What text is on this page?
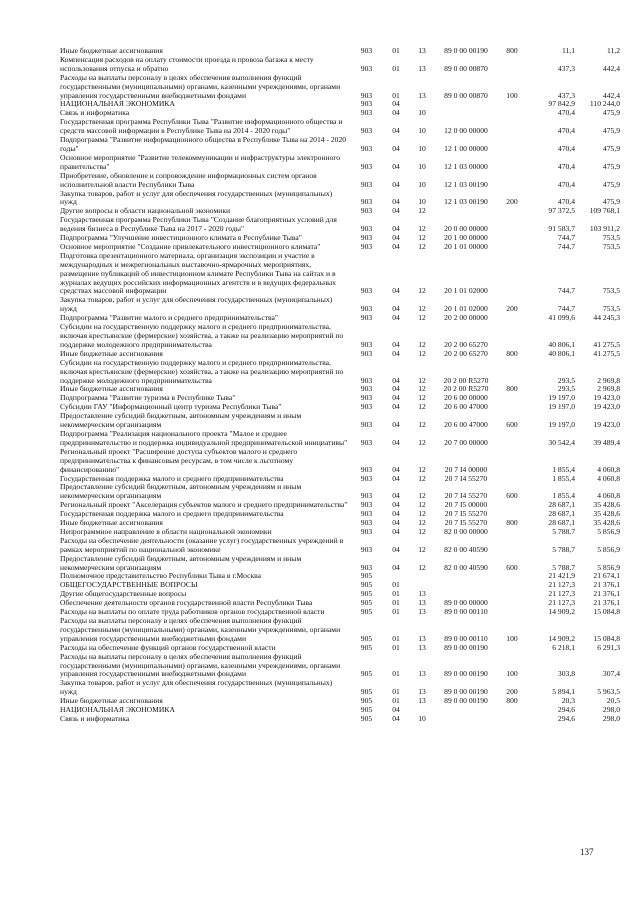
Иные бюджетные ассигнования	903	01	13	89 0 00 00190	800	11,1	11,2
Компенсация расходов на оплату стоимости проезда и провоза багажа к месту использования отпуска и обратно	903	01	13	89 0 00 00870		437,3	442,4
Расходы на выплаты персоналу в целях обеспечения выполнения функций государственными (муниципальными) органами, казенными учреждениями, органами управления государственными внебюджетными фондами	903	01	13	89 0 00 00870	100	437,3	442,4
НАЦИОНАЛЬНАЯ ЭКОНОМИКА	903	04				97 842,9	110 244,0
Связь и информатика	903	04	10			470,4	475,9
Государственная программа Республики Тыва "Развитие информационного общества и средств массовой информации в Республике Тыва на 2014 - 2020 годы"	903	04	10	12 0 00 00000		470,4	475,9
Подпрограмма "Развитие информационного общества в Республике Тыва на 2014 - 2020 годы"	903	04	10	12 1 00 00000		470,4	475,9
Основное мероприятие "Развитие телекоммуникации и инфраструктуры электронного правительства"	903	04	10	12 1 03 00000		470,4	475,9
Приобретение, обновление и сопровождение информационных систем органов исполнительной власти Республики Тыва	903	04	10	12 1 03 00190		470,4	475,9
Закупка товаров, работ и услуг для обеспечения государственных (муниципальных) нужд	903	04	10	12 1 03 00190	200	470,4	475,9
Другие вопросы в области национальной экономики	903	04	12			97 372,5	109 768,1
Государственная программа Республики Тыва "Создание благоприятных условий для ведения бизнеса в Республике Тыва на 2017 - 2020 годы"	903	04	12	20 0 00 00000		91 583,7	103 911,2
Подпрограмма "Улучшение инвестиционного климата в Республике Тыва"	903	04	12	20 1 00 00000		744,7	753,5
Основное мероприятие "Создание привлекательного инвестиционного климата"	903	04	12	20 1 01 00000		744,7	753,5
Подготовка презентационного материала, организация экспозиции и участие в международных и межрегиональных выставочно-ярмарочных мероприятиях, размещение публикаций об инвестиционном климате Республики Тыва на сайтах и в журналах ведущих российских информационных агентств и в ведущих федеральных средствах массовой информации	903	04	12	20 1 01 02000		744,7	753,5
Закупка товаров, работ и услуг для обеспечения государственных (муниципальных) нужд	903	04	12	20 1 01 02000	200	744,7	753,5
Подпрограмма "Развитие малого и среднего предпринимательства"	903	04	12	20 2 00 00000		41 099,6	44 245,3
Субсидии на государственную поддержку малого и среднего предпринимательства, включая крестьянские (фермерские) хозяйства, а также на реализацию мероприятий по поддержке молодежного предпринимательства	903	04	12	20 2 00 65270		40 806,1	41 275,5
Иные бюджетные ассигнования	903	04	12	20 2 00 65270	800	40 806,1	41 275,5
Субсидии на государственную поддержку малого и среднего предпринимательства, включая крестьянские (фермерские) хозяйства, а также на реализацию мероприятий по поддержке молодежного предпринимательства	903	04	12	20 2 00 R5270		293,5	2 969,8
Иные бюджетные ассигнования	903	04	12	20 2 00 R5270	800	293,5	2 969,8
Подпрограмма "Развитие туризма в Республике Тыва"	903	04	12	20 6 00 00000		19 197,0	19 423,0
Субсидии ГАУ "Информационный центр туризма Республики Тыва"	903	04	12	20 6 00 47000		19 197,0	19 423,0
Предоставление субсидий бюджетным, автономным учреждениям и иным некоммерческим организациям	903	04	12	20 6 00 47000	600	19 197,0	19 423,0
Подпрограмма "Реализация национального проекта "Малое и среднее предпринимательство и поддержка индивидуальной предпринимательской инициативы"	903	04	12	20 7 00 00000		30 542,4	39 489,4
Региональный проект "Расширение доступа субъектов малого и среднего предпринимательства к финансовым ресурсам, в том числе к льготному финансированию"	903	04	12	20 7 I4 00000		1 855,4	4 060,8
Государственная поддержка малого и среднего предпринимательства	903	04	12	20 7 I4 55270		1 855,4	4 060,8
Предоставление субсидий бюджетным, автономным учреждениям и иным некоммерческим организациям	903	04	12	20 7 I4 55270	600	1 855,4	4 060,8
Региональный проект "Акселерация субъектов малого и среднего предпринимательства"	903	04	12	20 7 I5 00000		28 687,1	35 428,6
Государственная поддержка малого и среднего предпринимательства	903	04	12	20 7 I5 55270		28 687,1	35 428,6
Иные бюджетные ассигнования	903	04	12	20 7 I5 55270	800	28 687,1	35 428,6
Непрограммное направление в области национальной экономики	903	04	12	82 0 00 00000		5 788,7	5 856,9
Расходы на обеспечение деятельности (оказание услуг) государственных учреждений в рамках мероприятий по национальной экономике	903	04	12	82 0 00 40590		5 788,7	5 856,9
Предоставление субсидий бюджетным, автономным учреждениям и иным некоммерческим организациям	903	04	12	82 0 00 40590	600	5 788,7	5 856,9
Полномочное представительство Республики Тыва в г.Москва	905					21 421,9	21 674,1
ОБЩЕГОСУДАРСТВЕННЫЕ ВОПРОСЫ	905	01				21 127,3	21 376,1
Другие общегосударственные вопросы	905	01	13			21 127,3	21 376,1
Обеспечение деятельности органов государственной власти Республики Тыва	905	01	13	89 0 00 00000		21 127,3	21 376,1
Расходы на выплаты по оплате труда работников органов государственной власти	905	01	13	89 0 00 00110		14 909,2	15 084,8
Расходы на выплаты персоналу в целях обеспечения выполнения функций государственными (муниципальными) органами, казенными учреждениями, органами управления государственными внебюджетными фондами	905	01	13	89 0 00 00110	100	14 909,2	15 084,8
Расходы на обеспечение функций органов государственной власти	905	01	13	89 0 00 00190		6 218,1	6 291,3
Расходы на выплаты персоналу в целях обеспечения выполнения функций государственными (муниципальными) органами, казенными учреждениями, органами управления государственными внебюджетными фондами	905	01	13	89 0 00 00190	100	303,8	307,4
Закупка товаров, работ и услуг для обеспечения государственных (муниципальных) нужд	905	01	13	89 0 00 00190	200	5 894,1	5 963,5
Иные бюджетные ассигнования	905	01	13	89 0 00 00190	800	20,3	20,5
НАЦИОНАЛЬНАЯ ЭКОНОМИКА	905	04				294,6	298,0
Связь и информатика	905	04	10			294,6	298,0
137
